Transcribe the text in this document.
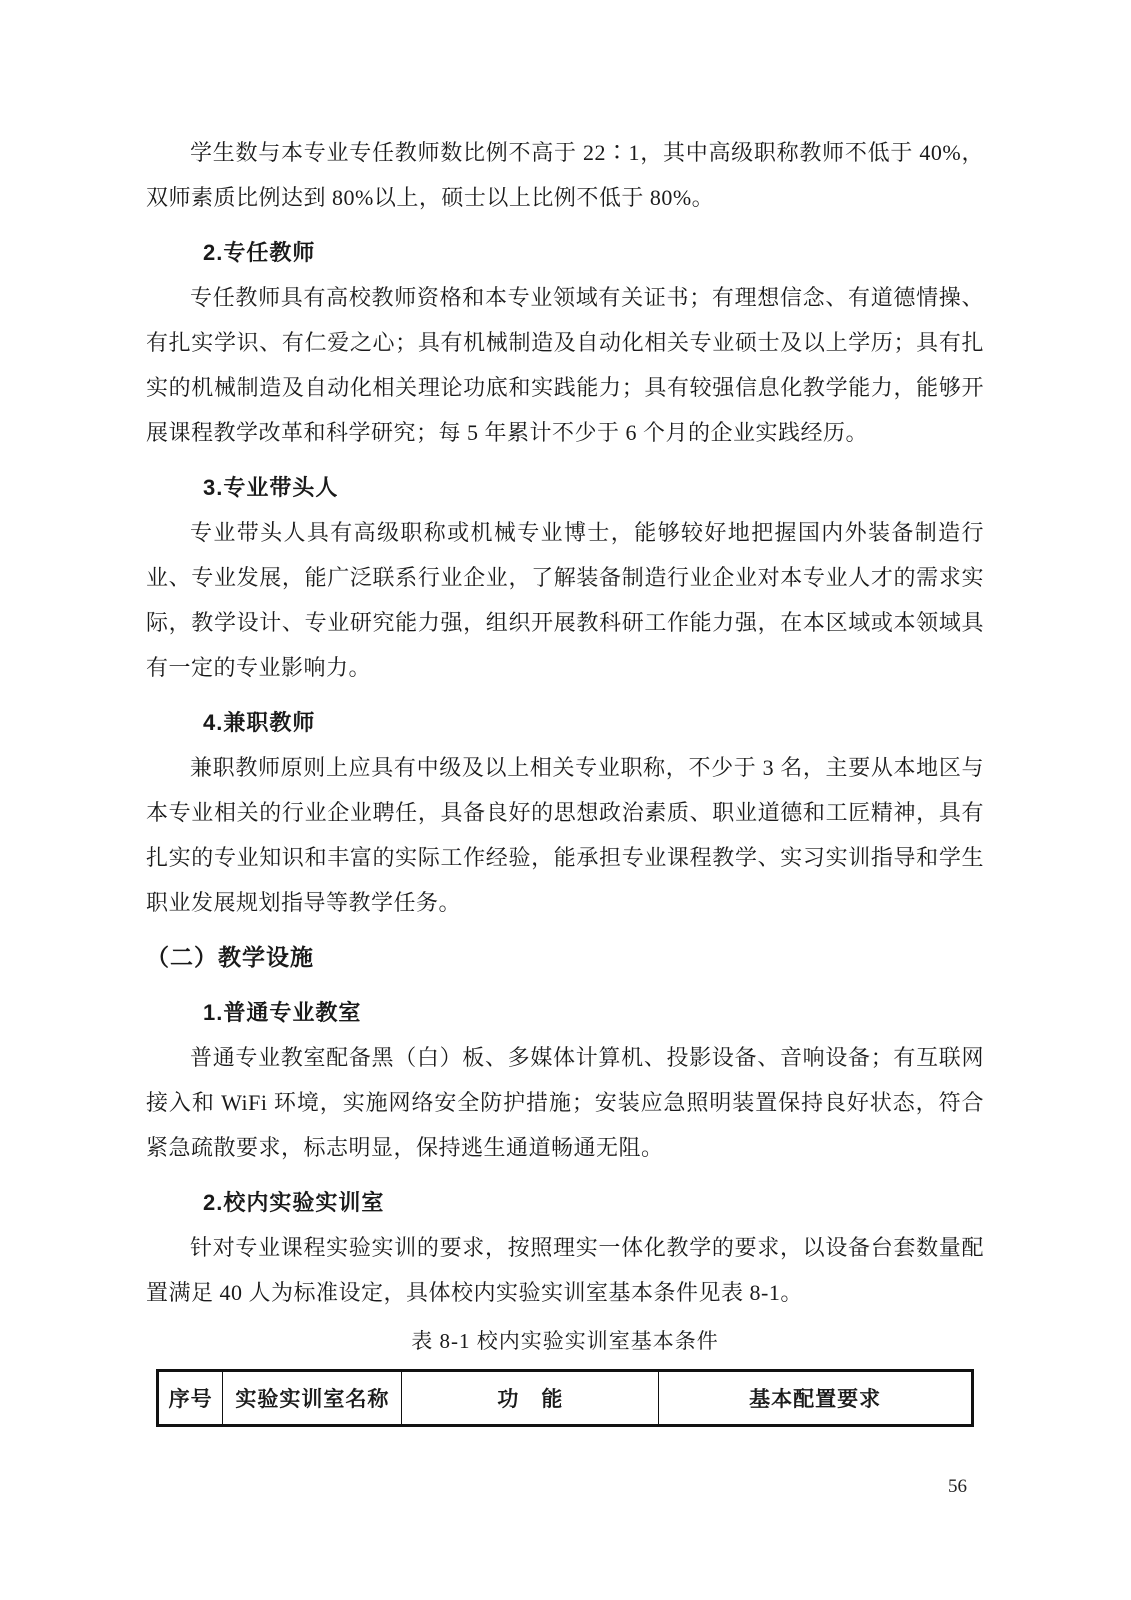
学生数与本专业专任教师数比例不高于 22∶1，其中高级职称教师不低于 40%，双师素质比例达到 80%以上，硕士以上比例不低于 80%。

2.专任教师

专任教师具有高校教师资格和本专业领域有关证书；有理想信念、有道德情操、有扎实学识、有仁爱之心；具有机械制造及自动化相关专业硕士及以上学历；具有扎实的机械制造及自动化相关理论功底和实践能力；具有较强信息化教学能力，能够开展课程教学改革和科学研究；每 5 年累计不少于 6 个月的企业实践经历。

3.专业带头人

专业带头人具有高级职称或机械专业博士，能够较好地把握国内外装备制造行业、专业发展，能广泛联系行业企业，了解装备制造行业企业对本专业人才的需求实际，教学设计、专业研究能力强，组织开展教科研工作能力强，在本区域或本领域具有一定的专业影响力。

4.兼职教师

兼职教师原则上应具有中级及以上相关专业职称，不少于 3 名，主要从本地区与本专业相关的行业企业聘任，具备良好的思想政治素质、职业道德和工匠精神，具有扎实的专业知识和丰富的实际工作经验，能承担专业课程教学、实习实训指导和学生职业发展规划指导等教学任务。

（二）教学设施
1.普通专业教室

普通专业教室配备黑（白）板、多媒体计算机、投影设备、音响设备；有互联网接入和 WiFi 环境，实施网络安全防护措施；安装应急照明装置保持良好状态，符合紧急疏散要求，标志明显，保持逃生通道畅通无阻。

2.校内实验实训室

针对专业课程实验实训的要求，按照理实一体化教学的要求，以设备台套数量配置满足 40 人为标准设定，具体校内实验实训室基本条件见表 8-1。

表 8-1 校内实验实训室基本条件
序号	实验实训室名称	功　能	基本配置要求
56
